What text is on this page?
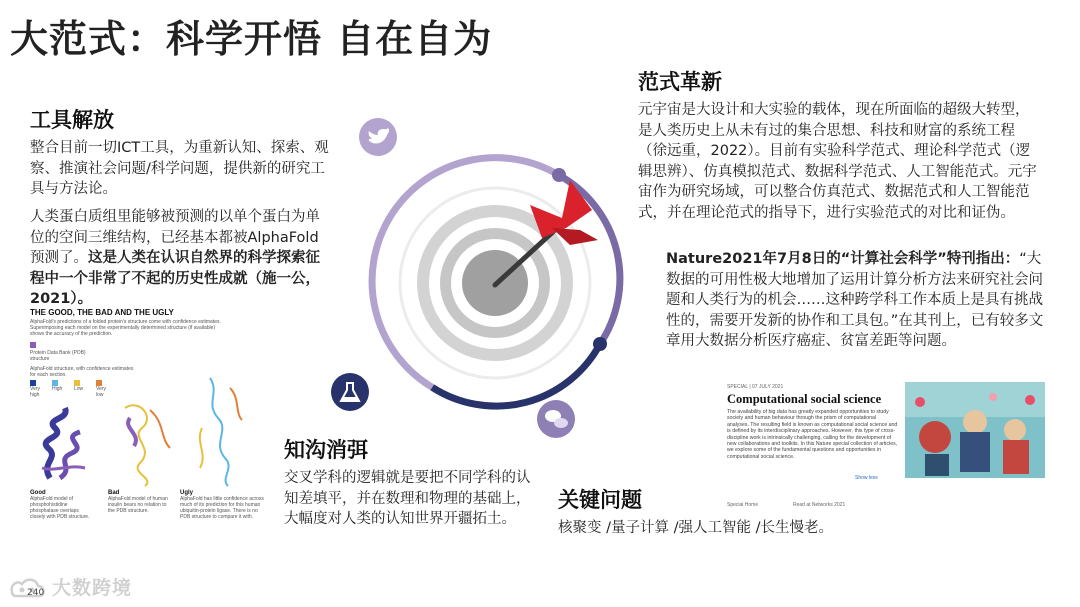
大范式：科学开悟 自在自为
工具解放
整合目前一切ICT工具，为重新认知、探索、观察、推演社会问题/科学问题，提供新的研究工具与方法论。
人类蛋白质组里能够被预测的以单个蛋白为单位的空间三维结构，已经基本都被AlphaFold预测了。这是人类在认识自然界的科学探索征程中一个非常了不起的历史性成就（施一公，2021）。
THE GOOD, THE BAD AND THE UGLY
AlphaFold's predictions of a folded protein's structure come with confidence estimates. Superimposing each model on the experimentally determined structure (if available) shows the accuracy of the prediction.
Protein Data Bank (PDB) structure
AlphaFold structure, with confidence estimates for each section.
Very high
High	Low	Very low
Good
AlphaFold model of phosphohistidine phosphatase overlaps closely with PDB structure.
Bad
AlphaFold model of human insulin bears no relation to the PDB structure.
Ugly
AlphaFold has little confidence across much of its prediction for this human ubiquitin-protein ligase. There is no PDB structure to compare it with.
范式革新
元宇宙是大设计和大实验的载体，现在所面临的超级大转型，是人类历史上从未有过的集合思想、科技和财富的系统工程（徐远重，2022）。目前有实验科学范式、理论科学范式（逻辑思辨）、仿真模拟范式、数据科学范式、人工智能范式。元宇宙作为研究场域，可以整合仿真范式、数据范式和人工智能范式，并在理论范式的指导下，进行实验范式的对比和证伪。
Nature2021年7月8日的“计算社会科学”特刊指出：“大数据的可用性极大地增加了运用计算分析方法来研究社会问题和人类行为的机会……这种跨学科工作本质上是具有挑战性的，需要开发新的协作和工具包。”在其刊上，已有较多文章用大数据分析医疗癌症、贫富差距等问题。
SPECIAL | 07 JULY 2021
Computational social science
The availability of big data has greatly expanded opportunities to study society and human behaviour through the prism of computational analyses. The resulting field is known as computational social science and is defined by its interdisciplinary approaches. However, this type of cross-discipline work is intrinsically challenging, calling for the development of new collaborations and toolkits. In this Nature special collection of articles, we explore some of the fundamental questions and opportunities in computational social science.
Show less
Special Home	Read at Networks 2021
知沟消弭
交叉学科的逻辑就是要把不同学科的认知差填平，并在数理和物理的基础上，大幅度对人类的认知世界开疆拓土。
关键问题
核聚变 /量子计算 /强人工智能 /长生慢老。
大数跨境
240
